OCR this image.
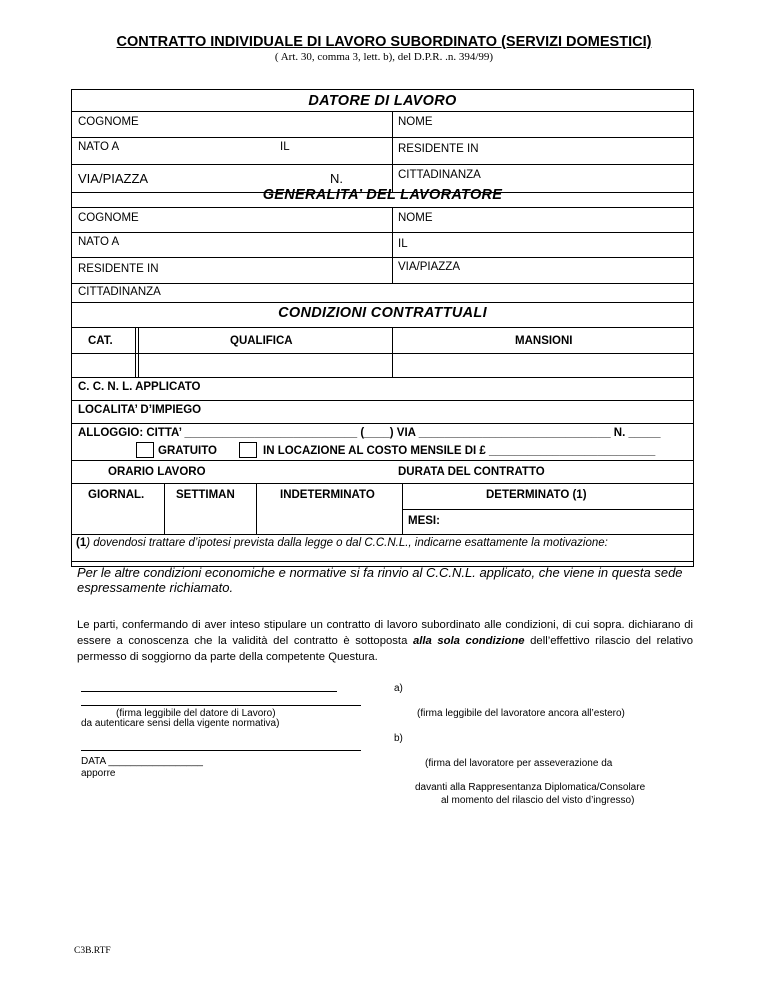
CONTRATTO INDIVIDUALE DI LAVORO SUBORDINATO (SERVIZI DOMESTICI)
( Art. 30, comma 3, lett. b), del D.P.R. .n. 394/99)
DATORE DI LAVORO
COGNOME	NOME
NATO A	IL	RESIDENTE IN
VIA/PIAZZA	N.	CITTADINANZA
GENERALITA’ DEL LAVORATORE
COGNOME	NOME
NATO A	IL
RESIDENTE IN	VIA/PIAZZA
CITTADINANZA
CONDIZIONI CONTRATTUALI
CAT.	QUALIFICA	MANSIONI
C. C. N. L. APPLICATO
LOCALITA’ D’IMPIEGO
ALLOGGIO: CITTA’ ___________________________ (____) VIA ______________________________ N. _____
GRATUITO	IN LOCAZIONE AL COSTO MENSILE DI £ __________________________
ORARIO LAVORO	DURATA DEL CONTRATTO
GIORNAL.	SETTIMAN	INDETERMINATO	DETERMINATO (1)
MESI:
(1) dovendosi trattare d’ipotesi prevista dalla legge o dal C.C.N.L., indicarne esattamente la motivazione:
Per le altre condizioni economiche e normative si fa rinvio al C.C.N.L. applicato, che viene in questa sede espressamente richiamato.
Le parti, confermando di aver inteso stipulare un contratto di lavoro subordinato alle condizioni, di cui sopra. dichiarano di essere a conoscenza che la validità del contratto è sottoposta alla sola condizione dell’effettivo rilascio del relativo permesso di soggiorno da parte della competente Questura.
a)
(firma leggibile del datore di Lavoro)
da autenticare sensi della vigente normativa)
(firma leggibile del lavoratore ancora all’estero)
b)
DATA _________________
apporre
(firma del lavoratore per asseverazione da
davanti alla Rappresentanza Diplomatica/Consolare
al momento del rilascio del visto d’ingresso)
C3B.RTF
